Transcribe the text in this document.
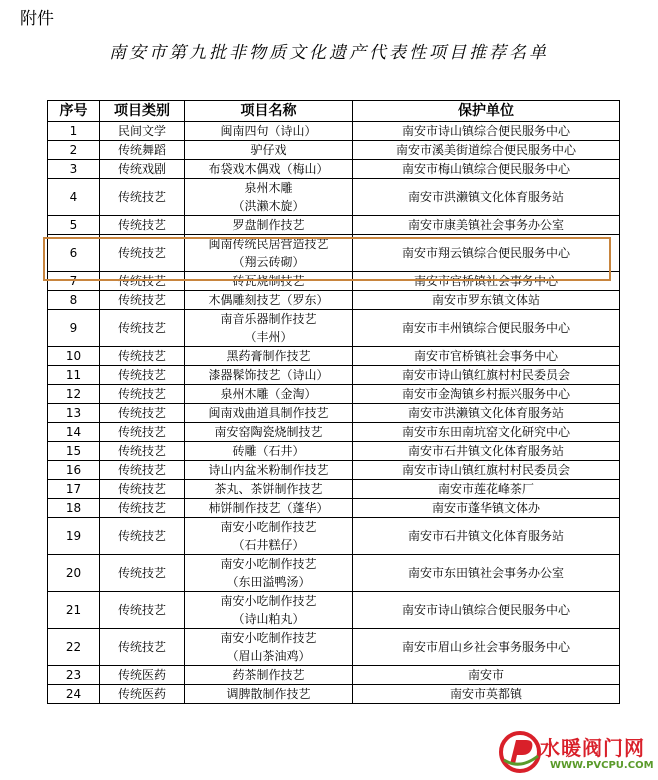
附件
南安市第九批非物质文化遗产代表性项目推荐名单
序号	项目类别	项目名称	保护单位
1	民间文学	闽南四句（诗山）	南安市诗山镇综合便民服务中心
2	传统舞蹈	驴仔戏	南安市溪美街道综合便民服务中心
3	传统戏剧	布袋戏木偶戏（梅山）	南安市梅山镇综合便民服务中心
4	传统技艺	泉州木雕
（洪濑木旋）	南安市洪濑镇文化体育服务站
5	传统技艺	罗盘制作技艺	南安市康美镇社会事务办公室
6	传统技艺	闽南传统民居营造技艺
（翔云砖砌）	南安市翔云镇综合便民服务中心
7	传统技艺	砖瓦烧制技艺	南安市官桥镇社会事务中心
8	传统技艺	木偶雕刻技艺（罗东）	南安市罗东镇文体站
9	传统技艺	南音乐器制作技艺
（丰州）	南安市丰州镇综合便民服务中心
10	传统技艺	黑药膏制作技艺	南安市官桥镇社会事务中心
11	传统技艺	漆器髹饰技艺（诗山）	南安市诗山镇红旗村村民委员会
12	传统技艺	泉州木雕（金淘）	南安市金淘镇乡村振兴服务中心
13	传统技艺	闽南戏曲道具制作技艺	南安市洪濑镇文化体育服务站
14	传统技艺	南安窑陶瓷烧制技艺	南安市东田南坑窑文化研究中心
15	传统技艺	砖雕（石井）	南安市石井镇文化体育服务站
16	传统技艺	诗山内盆米粉制作技艺	南安市诗山镇红旗村村民委员会
17	传统技艺	茶丸、茶饼制作技艺	南安市莲花峰茶厂
18	传统技艺	柿饼制作技艺（蓬华）	南安市蓬华镇文体办
19	传统技艺	南安小吃制作技艺
（石井糕仔）	南安市石井镇文化体育服务站
20	传统技艺	南安小吃制作技艺
（东田溢鸭汤）	南安市东田镇社会事务办公室
21	传统技艺	南安小吃制作技艺
（诗山粕丸）	南安市诗山镇综合便民服务中心
22	传统技艺	南安小吃制作技艺
（眉山茶油鸡）	南安市眉山乡社会事务服务中心
23	传统医药	药茶制作技艺	南安市
24	传统医药	调脾散制作技艺	南安市英都镇
水暖阀门网
WWW.PVCPU.COM
